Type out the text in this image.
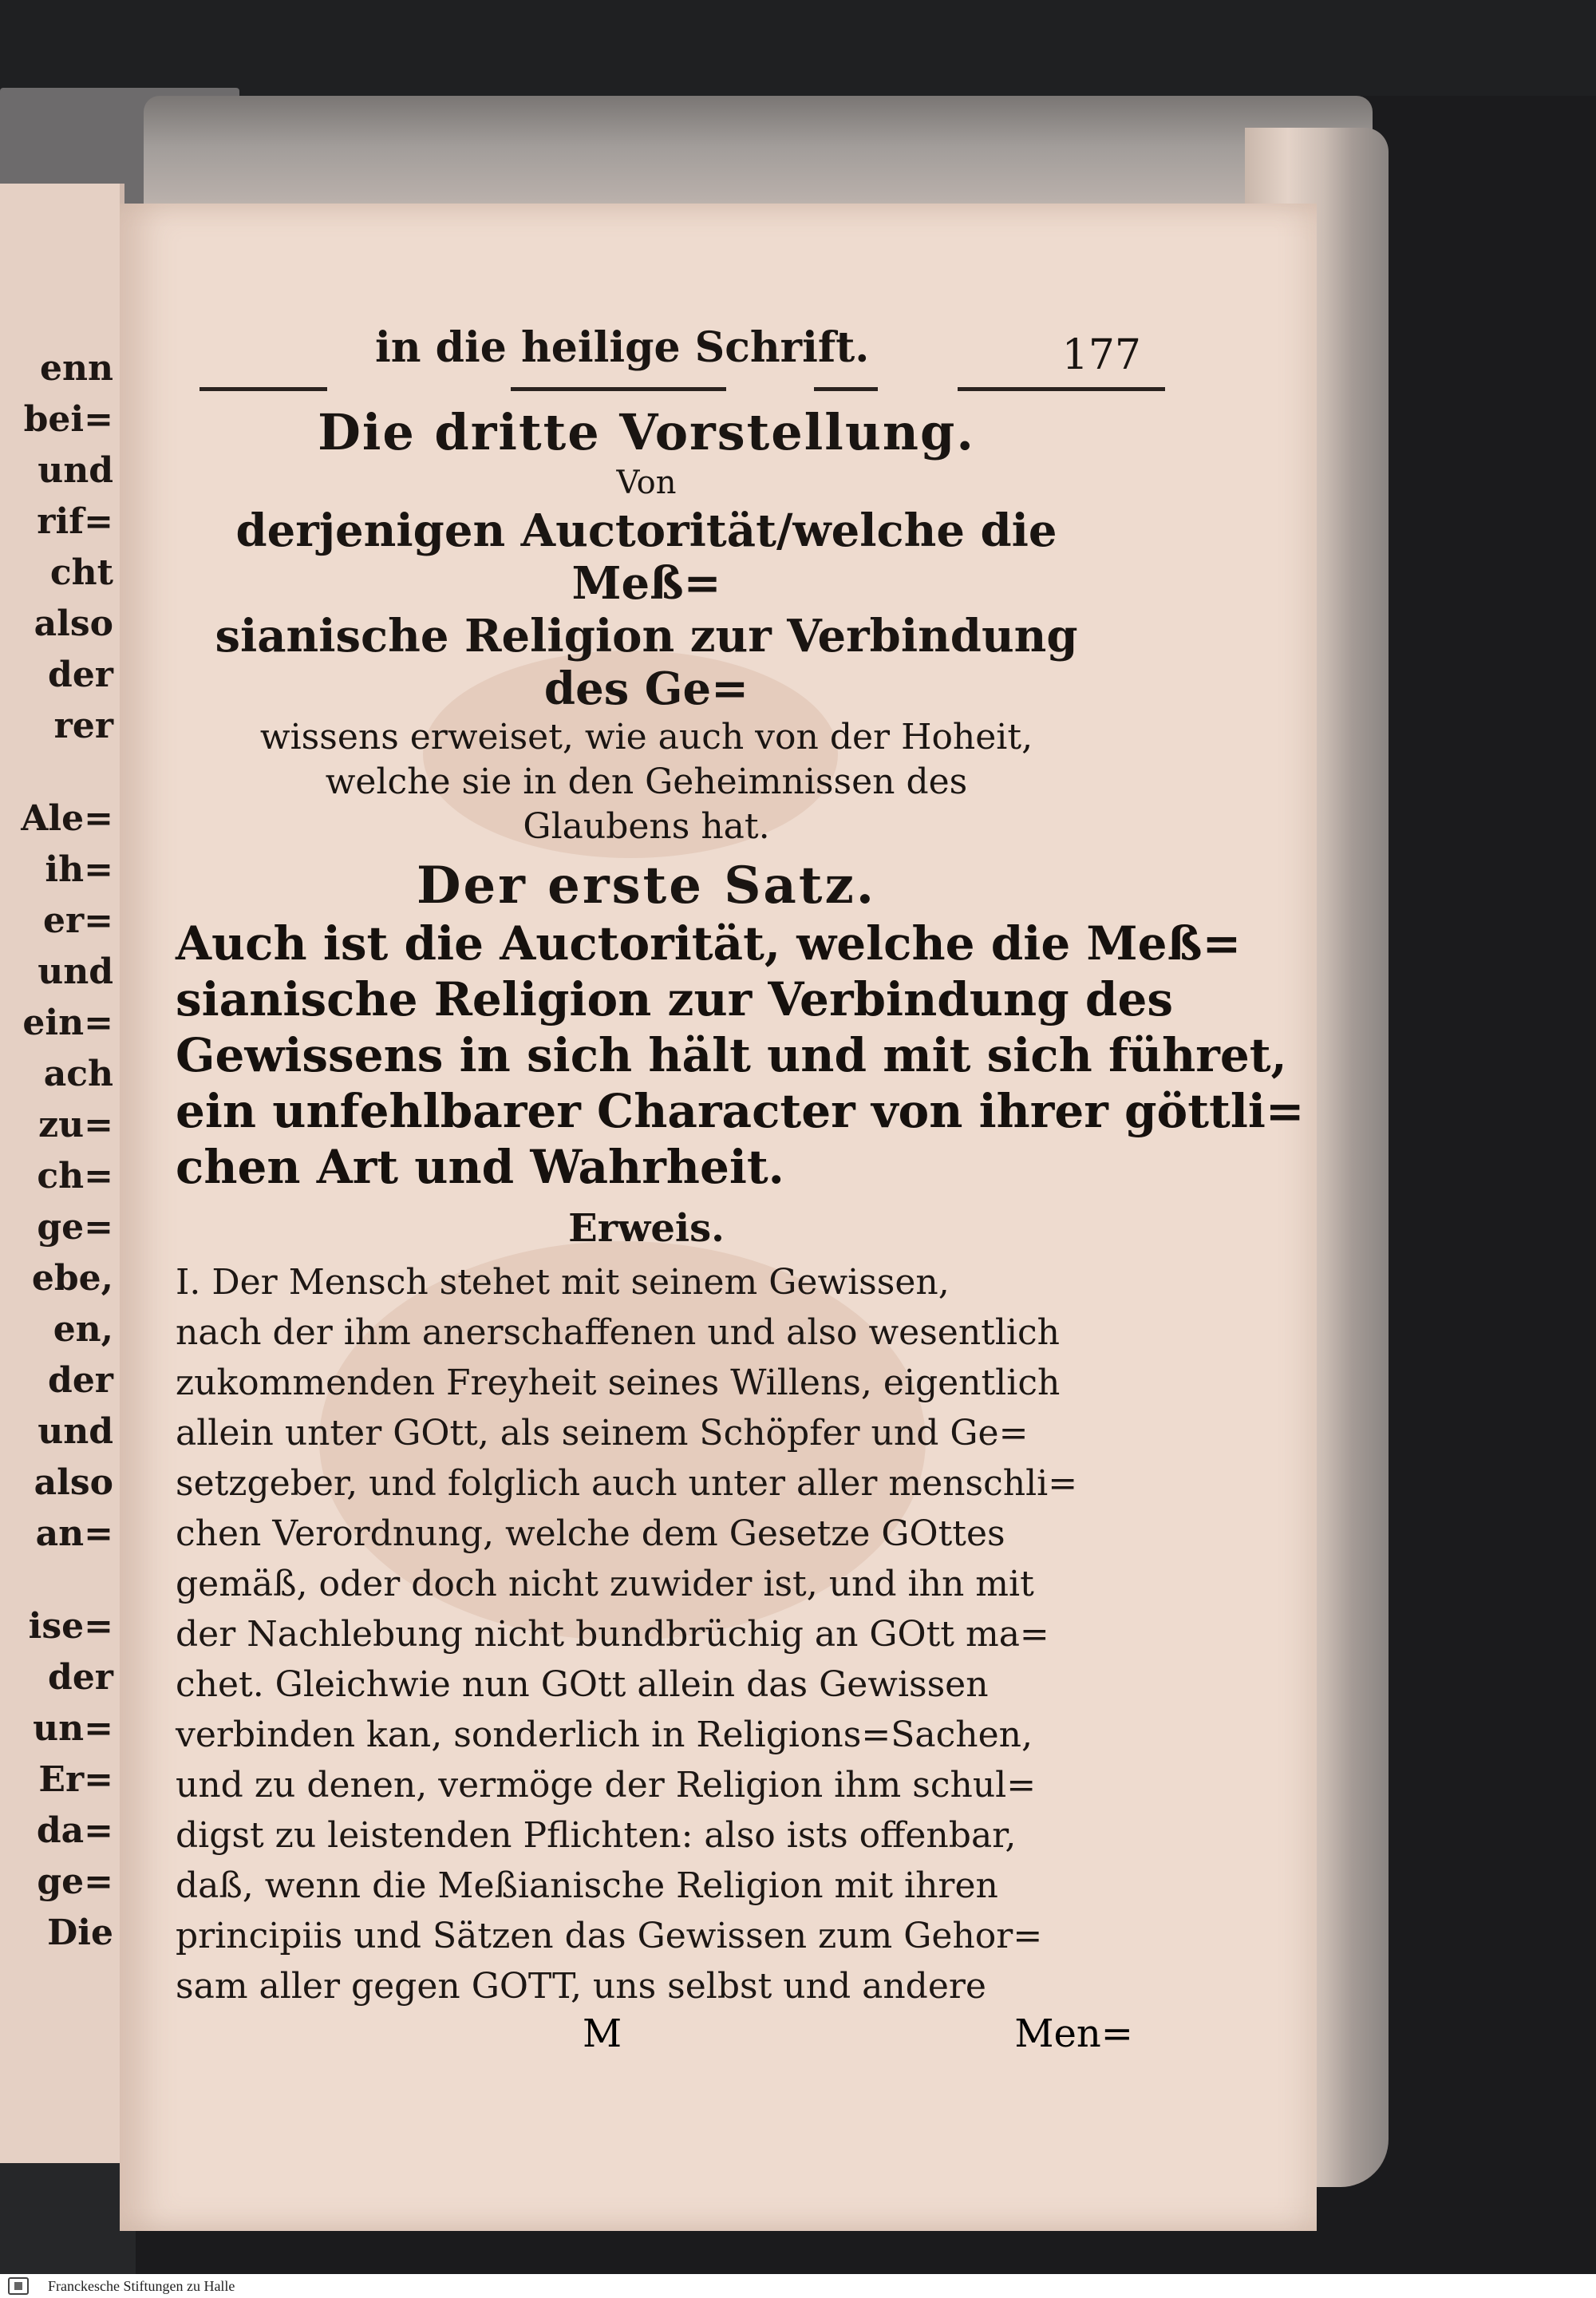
enn
bei=
und
rif=
cht
also
der
rer
Ale=
ih=
er=
und
ein=
ach
zu=
ch=
ge=
ebe,
en,
der
und
also
an=
ise=
der
un=
Er=
da=
ge=
Die
in die heilige Schrift.	177
Die dritte Vorstellung.
Von
derjenigen Auctorität/welche die Meß=
sianische Religion zur Verbindung des Ge=
wissens erweiset, wie auch von der Hoheit,
welche sie in den Geheimnissen des
Glaubens hat.
Der erste Satz.
Auch ist die Auctorität, welche die Meß=
sianische Religion zur Verbindung des
Gewissens in sich hält und mit sich führet,
ein unfehlbarer Character von ihrer göttli=
chen Art und Wahrheit.
Erweis.
I. Der Mensch stehet mit seinem Gewissen,
nach der ihm anerschaffenen und also wesentlich
zukommenden Freyheit seines Willens, eigentlich
allein unter GOtt, als seinem Schöpfer und Ge=
setzgeber, und folglich auch unter aller menschli=
chen Verordnung, welche dem Gesetze GOttes
gemäß, oder doch nicht zuwider ist, und ihn mit
der Nachlebung nicht bundbrüchig an GOtt ma=
chet. Gleichwie nun GOtt allein das Gewissen
verbinden kan, sonderlich in Religions=Sachen,
und zu denen, vermöge der Religion ihm schul=
digst zu leistenden Pflichten: also ists offenbar,
daß, wenn die Meßianische Religion mit ihren
principiis und Sätzen das Gewissen zum Gehor=
sam aller gegen GOTT, uns selbst und andere
M	Men=
Franckesche Stiftungen zu Halle
